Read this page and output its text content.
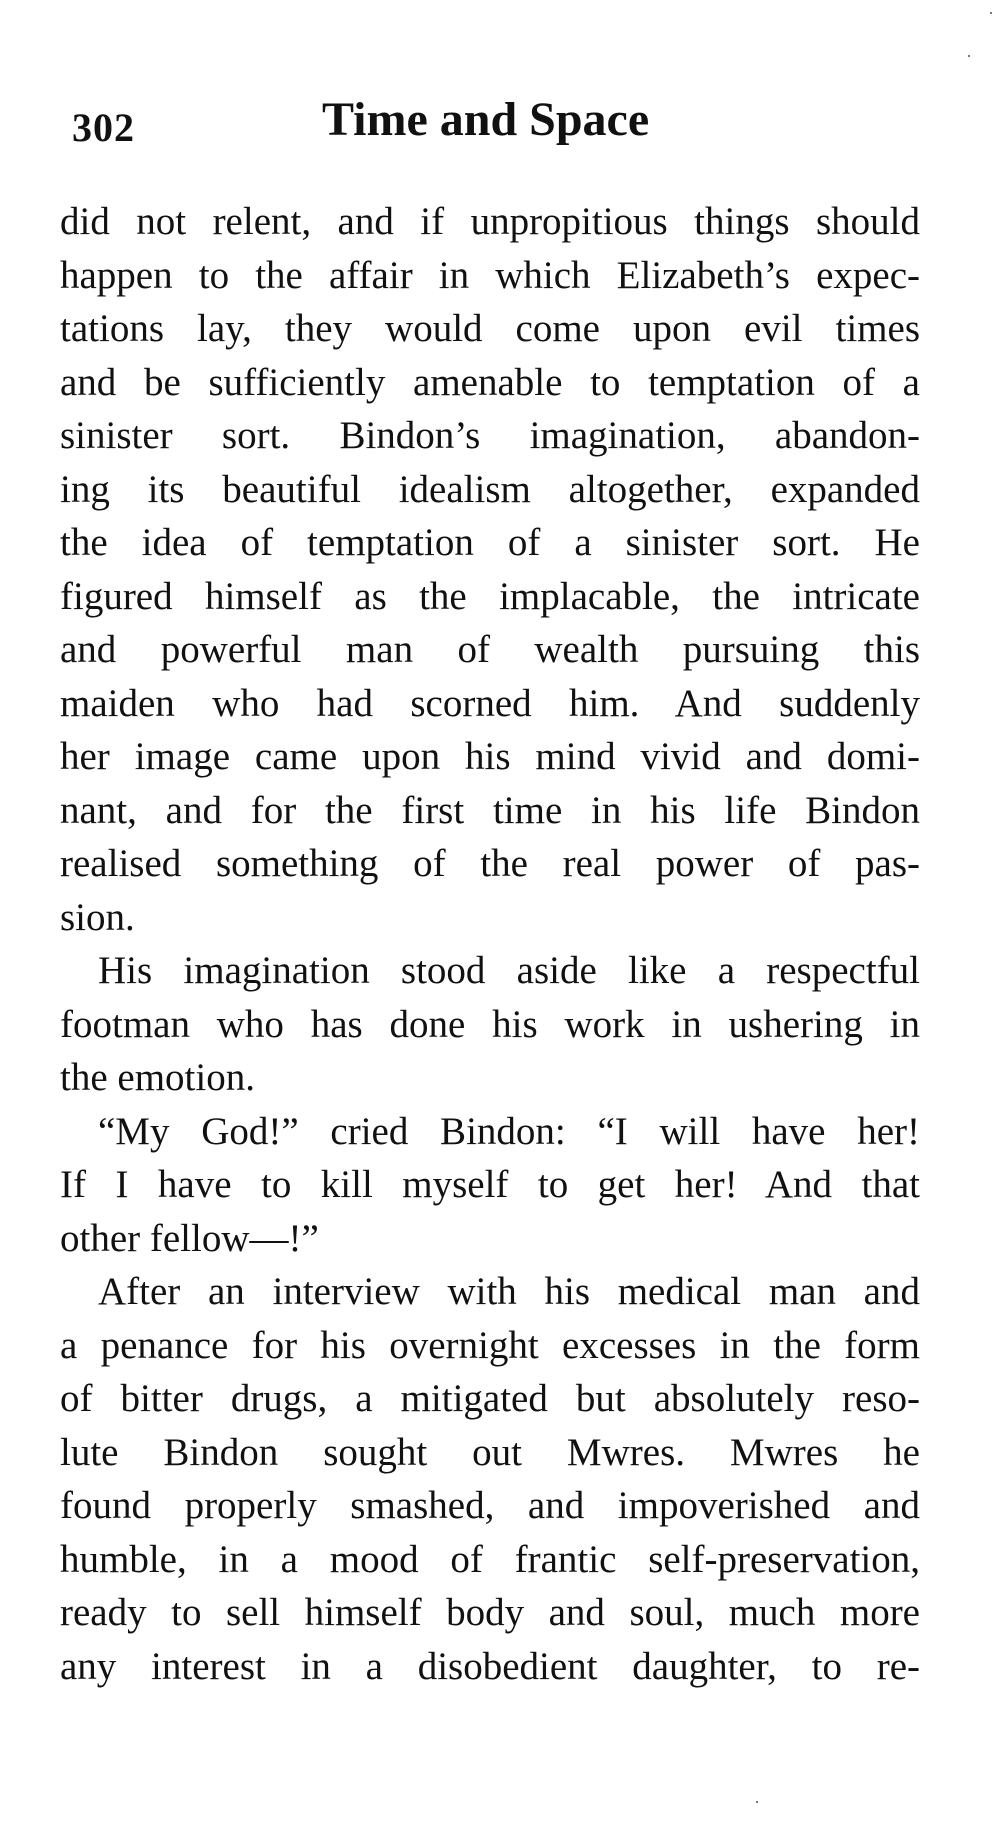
302	Time and Space
did not relent, and if unpropitious things should
happen to the affair in which Elizabeth’s expec-
tations lay, they would come upon evil times
and be sufficiently amenable to temptation of a
sinister sort. Bindon’s imagination, abandon-
ing its beautiful idealism altogether, expanded
the idea of temptation of a sinister sort. He
figured himself as the implacable, the intricate
and powerful man of wealth pursuing this
maiden who had scorned him. And suddenly
her image came upon his mind vivid and domi-
nant, and for the first time in his life Bindon
realised something of the real power of pas-
sion.
His imagination stood aside like a respectful
footman who has done his work in ushering in
the emotion.
“My God!” cried Bindon: “I will have her!
If I have to kill myself to get her! And that
other fellow—!”
After an interview with his medical man and
a penance for his overnight excesses in the form
of bitter drugs, a mitigated but absolutely reso-
lute Bindon sought out Mwres. Mwres he
found properly smashed, and impoverished and
humble, in a mood of frantic self-preservation,
ready to sell himself body and soul, much more
any interest in a disobedient daughter, to re-
